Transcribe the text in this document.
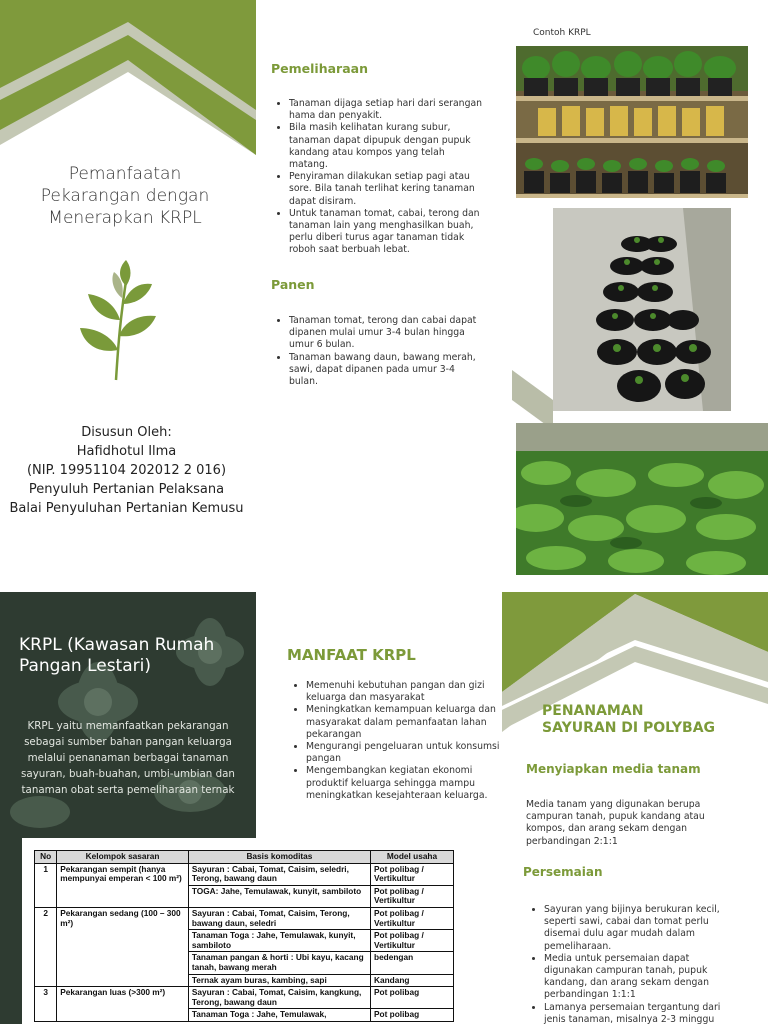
Pemanfaatan
Pekarangan dengan
Menerapkan KRPL
Disusun Oleh:
Hafidhotul Ilma
(NIP. 19951104 202012 2 016)
Penyuluh Pertanian Pelaksana
Balai Penyuluhan Pertanian Kemusu
Pemeliharaan
• Tanaman dijaga setiap hari dari serangan hama dan penyakit.
• Bila masih kelihatan kurang subur, tanaman dapat dipupuk dengan pupuk kandang atau kompos yang telah matang.
• Penyiraman dilakukan setiap pagi atau sore. Bila tanah terlihat kering tanaman dapat disiram.
• Untuk tanaman tomat, cabai, terong dan tanaman lain yang menghasilkan buah, perlu diberi turus agar tanaman tidak roboh saat berbuah lebat.
Panen
• Tanaman tomat, terong dan cabai dapat dipanen mulai umur 3-4 bulan hingga umur 6 bulan.
• Tanaman bawang daun, bawang merah, sawi, dapat dipanen pada umur 3-4 bulan.
Contoh KRPL
KRPL (Kawasan Rumah Pangan Lestari)
KRPL yaitu memanfaatkan pekarangan sebagai sumber bahan pangan keluarga melalui penanaman berbagai tanaman sayuran, buah-buahan, umbi-umbian dan tanaman obat serta pemeliharaan ternak
No	Kelompok sasaran	Basis komoditas	Model usaha
1	Pekarangan sempit (hanya mempunyai emperan < 100 m²)	Sayuran : Cabai, Tomat, Caisim, seledri, Terong, bawang daun	Pot polibag / Vertikultur
		TOGA: Jahe, Temulawak, kunyit, sambiloto	Pot polibag / Vertikultur
2	Pekarangan sedang (100 – 300 m²)	Sayuran : Cabai, Tomat, Caisim, Terong, bawang daun, seledri	Pot polibag / Vertikultur
		Tanaman Toga : Jahe, Temulawak, kunyit, sambiloto	Pot polibag / Vertikultur
		Tanaman pangan & horti : Ubi kayu, kacang tanah, bawang merah	bedengan
		Ternak ayam buras, kambing, sapi	Kandang
3	Pekarangan luas (>300 m²)	Sayuran : Cabai, Tomat, Caisim, kangkung, Terong, bawang daun	Pot polibag
		Tanaman Toga : Jahe, Temulawak,	Pot polibag
MANFAAT KRPL
• Memenuhi kebutuhan pangan dan gizi keluarga dan masyarakat
• Meningkatkan kemampuan keluarga dan masyarakat dalam pemanfaatan lahan pekarangan
• Mengurangi pengeluaran untuk konsumsi pangan
• Mengembangkan kegiatan ekonomi produktif keluarga sehingga mampu meningkatkan kesejahteraan keluarga.
PENANAMAN
SAYURAN DI POLYBAG
Menyiapkan media tanam
Media tanam yang digunakan berupa campuran tanah, pupuk kandang atau kompos, dan arang sekam dengan perbandingan 2:1:1
Persemaian
• Sayuran yang bijinya berukuran kecil, seperti sawi, cabai dan tomat perlu disemai dulu agar mudah dalam pemeliharaan.
• Media untuk persemaian dapat digunakan campuran tanah, pupuk kandang, dan arang sekam dengan perbandingan 1:1:1
• Lamanya persemaian tergantung dari jenis tanaman, misalnya 2-3 minggu
